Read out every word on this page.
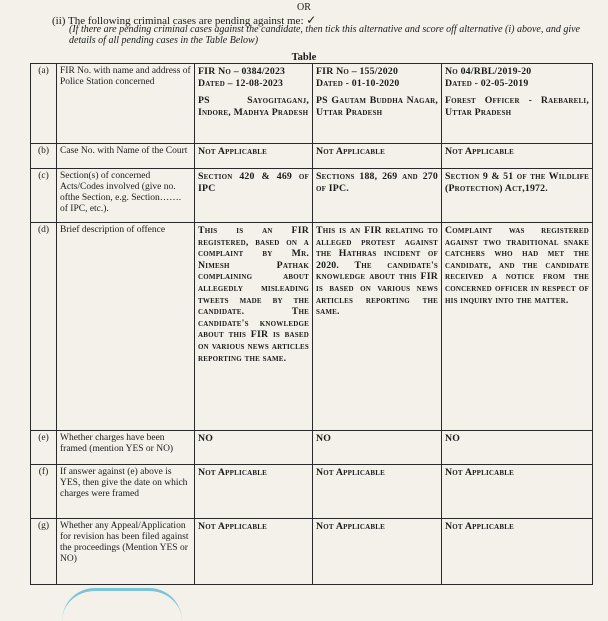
OR
(ii) The following criminal cases are pending against me: ✓
(If there are pending criminal cases against the candidate, then tick this alternative and score off alternative (i) above, and give details of all pending cases in the Table Below)
Table
(a)	FIR No. with name and address of Police Station concerned	
FIR No – 0384/2023
Dated – 12-08-2023
PS Sayogitaganj, Indore, Madhya Pradesh

FIR No – 155/2020
Dated - 01-10-2020
PS Gautam Buddha Nagar, Uttar Pradesh

No 04/RBL/2019-20
Dated - 02-05-2019
Forest Officer - Raebareli, Uttar Pradesh

(b)	Case No. with Name of the Court	Not Applicable	Not Applicable	Not Applicable
(c)	Section(s) of concerned Acts/Codes involved (give no. ofthe Section, e.g. Section……. of IPC, etc.).	Section 420 & 469 of IPC	Sections 188, 269 and 270 of IPC.	Section 9 & 51 of the Wildlife (Protection) Act,1972.
(d)	Brief description of offence	This is an FIR registered, based on a complaint by Mr. Nimesh Pathak complaining about allegedly misleading tweets made by the candidate. The candidate's knowledge about this FIR is based on various news articles reporting the same.	This is an FIR relating to alleged protest against the Hathras incident of 2020. The candidate's knowledge about this FIR is based on various news articles reporting the same.	Complaint was registered against two traditional snake catchers who had met the candidate, and the candidate received a notice from the concerned officer in respect of his inquiry into the matter.
(e)	Whether charges have been framed (mention YES or NO)	NO	NO	NO
(f)	If answer against (e) above is YES, then give the date on which charges were framed	Not Applicable	Not Applicable	Not Applicable
(g)	Whether any Appeal/Application for revision has been filed against the proceedings (Mention YES or NO)	Not Applicable	Not Applicable	Not Applicable
